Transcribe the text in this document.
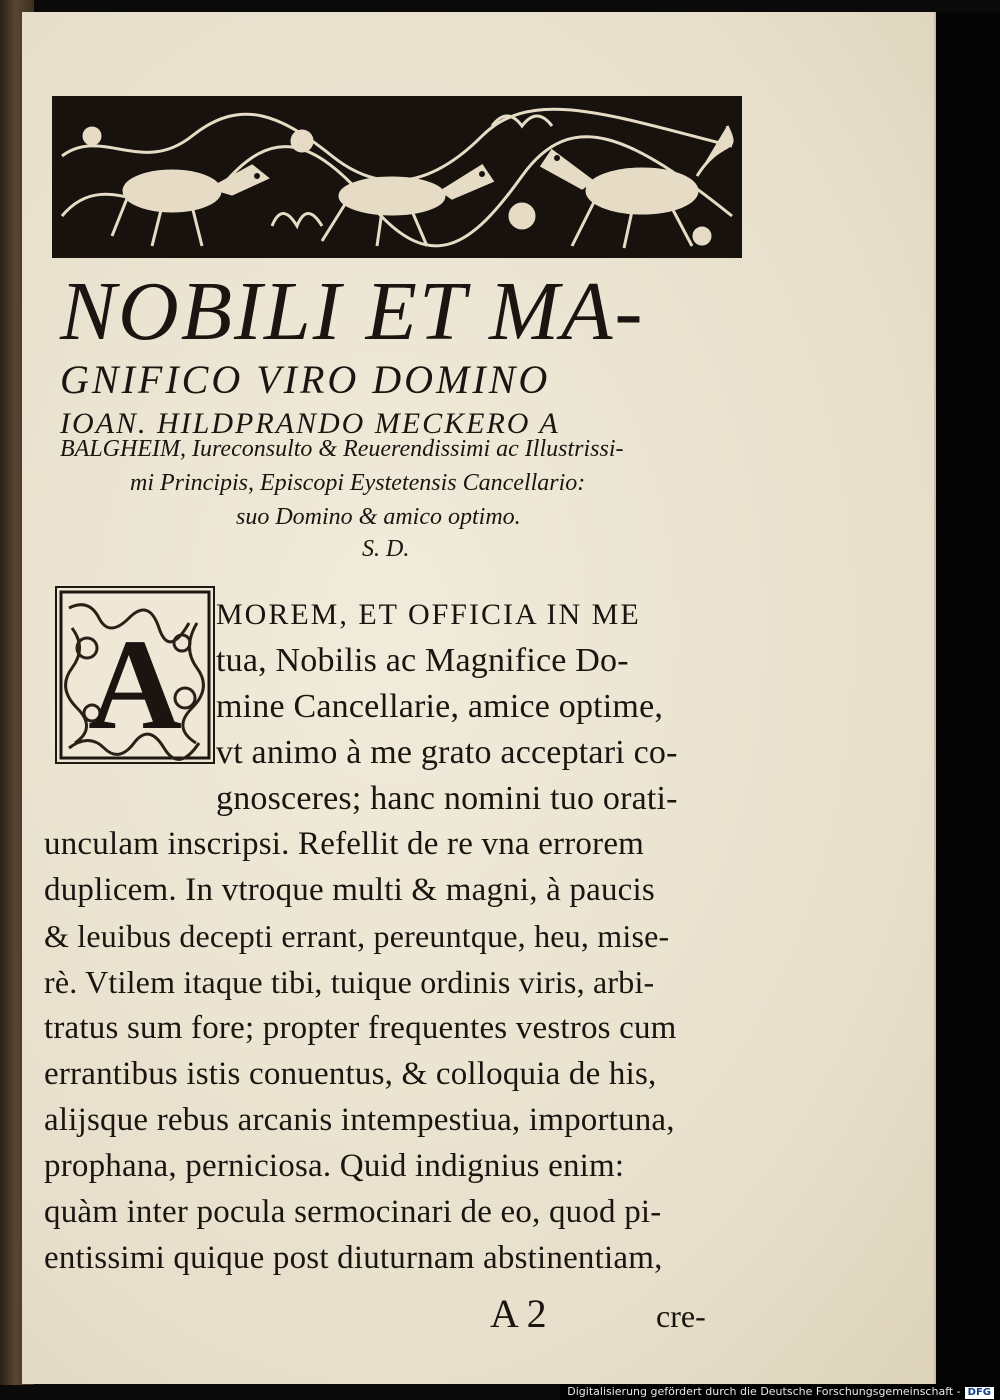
NOBILI ET MA-
GNIFICO VIRO DOMINO
IOAN. HILDPRANDO MECKERO A
BALGHEIM, Iureconsulto & Reuerendissimi ac Illustrissi-
mi Principis, Episcopi Eystetensis Cancellario:
suo Domino & amico optimo.
S. D.
A MOREM, ET OFFICIA IN ME
tua, Nobilis ac Magnifice Do-
mine Cancellarie, amice optime,
vt animo à me grato acceptari co-
gnosceres; hanc nomini tuo orati-
unculam inscripsi. Refellit de re vna errorem
duplicem. In vtroque multi & magni, à paucis
& leuibus decepti errant, pereuntque, heu, mise-
rè. Vtilem itaque tibi, tuique ordinis viris, arbi-
tratus sum fore; propter frequentes vestros cum
errantibus istis conuentus, & colloquia de his,
alijsque rebus arcanis intempestiua, importuna,
prophana, perniciosa. Quid indignius enim:
quàm inter pocula sermocinari de eo, quod pi-
entissimi quique post diuturnam abstinentiam,
A 2	cre-
Digitalisierung gefördert durch die Deutsche Forschungsgemeinschaft - DFG
